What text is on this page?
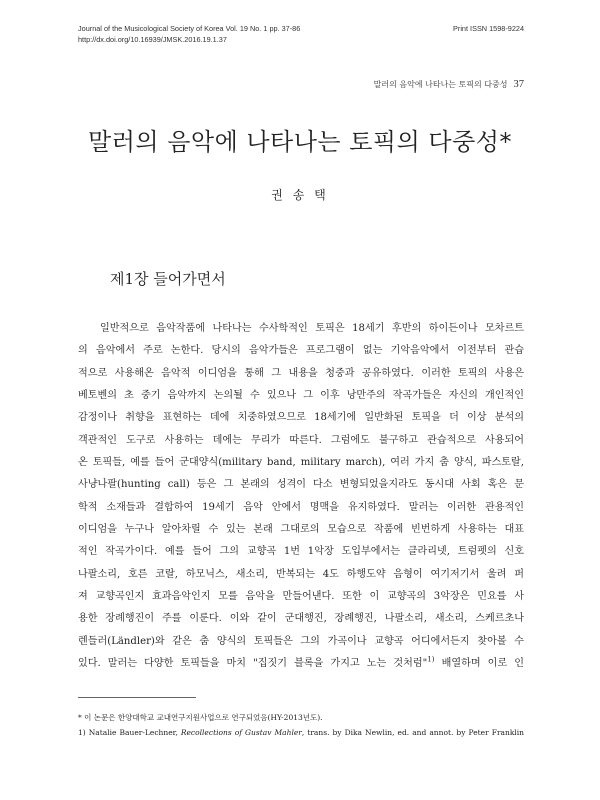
Journal of the Musicological Society of Korea Vol. 19 No. 1 pp. 37-86
http://dx.doi.org/10.16939/JMSK.2016.19.1.37
Print ISSN 1598-9224
말러의 음악에 나타나는 토픽의 다중성 37
말러의 음악에 나타나는 토픽의 다중성*
권 송 택
제1장 들어가면서
일반적으로 음악작품에 나타나는 수사학적인 토픽은 18세기 후반의 하이든이나 모차르트
의 음악에서 주로 논한다. 당시의 음악가들은 프로그램이 없는 기악음악에서 이전부터 관습
적으로 사용해온 음악적 이디엄을 통해 그 내용을 청중과 공유하였다. 이러한 토픽의 사용은
베토벤의 초 중기 음악까지 논의될 수 있으나 그 이후 낭만주의 작곡가들은 자신의 개인적인
감정이나 취향을 표현하는 데에 치중하였으므로 18세기에 일반화된 토픽을 더 이상 분석의
객관적인 도구로 사용하는 데에는 무리가 따른다. 그럼에도 불구하고 관습적으로 사용되어
온 토픽들, 예를 들어 군대양식(military band, military march), 여러 가지 춤 양식, 파스토랄,
사냥나팔(hunting call) 등은 그 본래의 성격이 다소 변형되었을지라도 동시대 사회 혹은 문
학적 소재들과 결합하여 19세기 음악 안에서 명맥을 유지하였다. 말러는 이러한 관용적인
이디엄을 누구나 알아차릴 수 있는 본래 그대로의 모습으로 작품에 빈번하게 사용하는 대표
적인 작곡가이다. 예를 들어 그의 교향곡 1번 1악장 도입부에서는 클라리넷, 트럼펫의 신호
나팔소리, 호른 코랄, 하모닉스, 새소리, 반복되는 4도 하행도약 음형이 여기저기서 울려 퍼
져 교향곡인지 효과음악인지 모를 음악을 만들어낸다. 또한 이 교향곡의 3악장은 민요를 사
용한 장례행진이 주를 이룬다. 이와 같이 군대행진, 장례행진, 나팔소리, 새소리, 스케르초나
렌들러(Ländler)와 같은 춤 양식의 토픽들은 그의 가곡이나 교향곡 어디에서든지 찾아볼 수
있다. 말러는 다양한 토픽들을 마치 "집짓기 블록을 가지고 노는 것처럼"$^{1)}$ 배열하며 이로 인
* 이 논문은 한양대학교 교내연구지원사업으로 연구되었음(HY-2013년도).
1) Natalie Bauer-Lechner, Recollections of Gustav Mahler, trans. by Dika Newlin, ed. and annot. by Peter Franklin
